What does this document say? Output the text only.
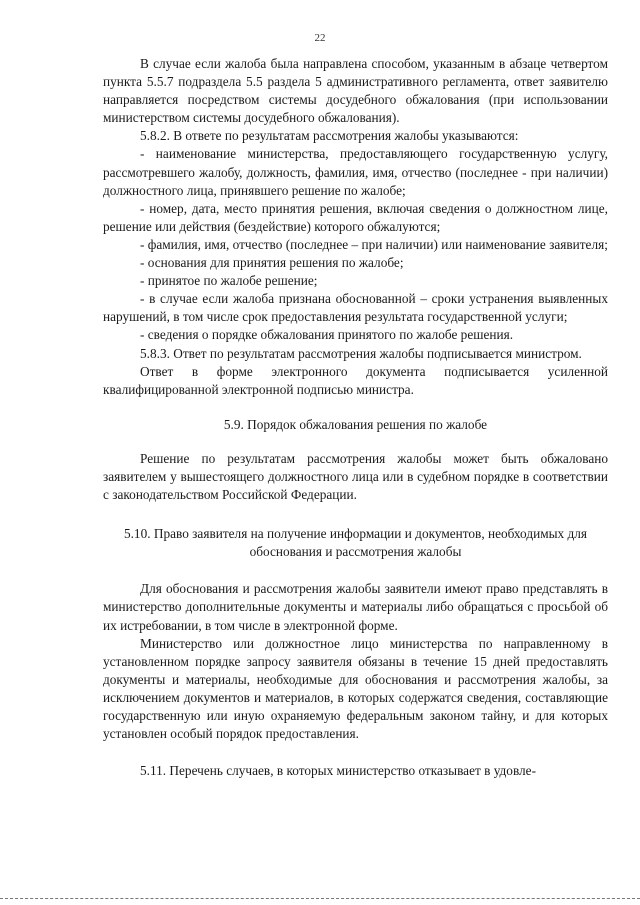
22

В случае если жалоба была направлена способом, указанным в абзаце четвертом пункта 5.5.7 подраздела 5.5 раздела 5 административного регламента, ответ заявителю направляется посредством системы досудебного обжалования (при использовании министерством системы досудебного обжалования).

5.8.2. В ответе по результатам рассмотрения жалобы указываются:

- наименование министерства, предоставляющего государственную услугу, рассмотревшего жалобу, должность, фамилия, имя, отчество (последнее - при наличии) должностного лица, принявшего решение по жалобе;

- номер, дата, место принятия решения, включая сведения о должностном лице, решение или действия (бездействие) которого обжалуются;

- фамилия, имя, отчество (последнее – при наличии) или наименование заявителя;

- основания для принятия решения по жалобе;

- принятое по жалобе решение;

- в случае если жалоба признана обоснованной – сроки устранения выявленных нарушений, в том числе срок предоставления результата государственной услуги;

- сведения о порядке обжалования принятого по жалобе решения.

5.8.3. Ответ по результатам рассмотрения жалобы подписывается министром.

Ответ в форме электронного документа подписывается усиленной квалифицированной электронной подписью министра.

5.9. Порядок обжалования решения по жалобе

Решение по результатам рассмотрения жалобы может быть обжаловано заявителем у вышестоящего должностного лица или в судебном порядке в соответствии с законодательством Российской Федерации.

5.10. Право заявителя на получение информации и документов, необходимых для обоснования и рассмотрения жалобы

Для обоснования и рассмотрения жалобы заявители имеют право представлять в министерство дополнительные документы и материалы либо обращаться с просьбой об их истребовании, в том числе в электронной форме.

Министерство или должностное лицо министерства по направленному в установленном порядке запросу заявителя обязаны в течение 15 дней предоставлять документы и материалы, необходимые для обоснования и рассмотрения жалобы, за исключением документов и материалов, в которых содержатся сведения, составляющие государственную или иную охраняемую федеральным законом тайну, и для которых установлен особый порядок предоставления.

5.11. Перечень случаев, в которых министерство отказывает в удовле-
